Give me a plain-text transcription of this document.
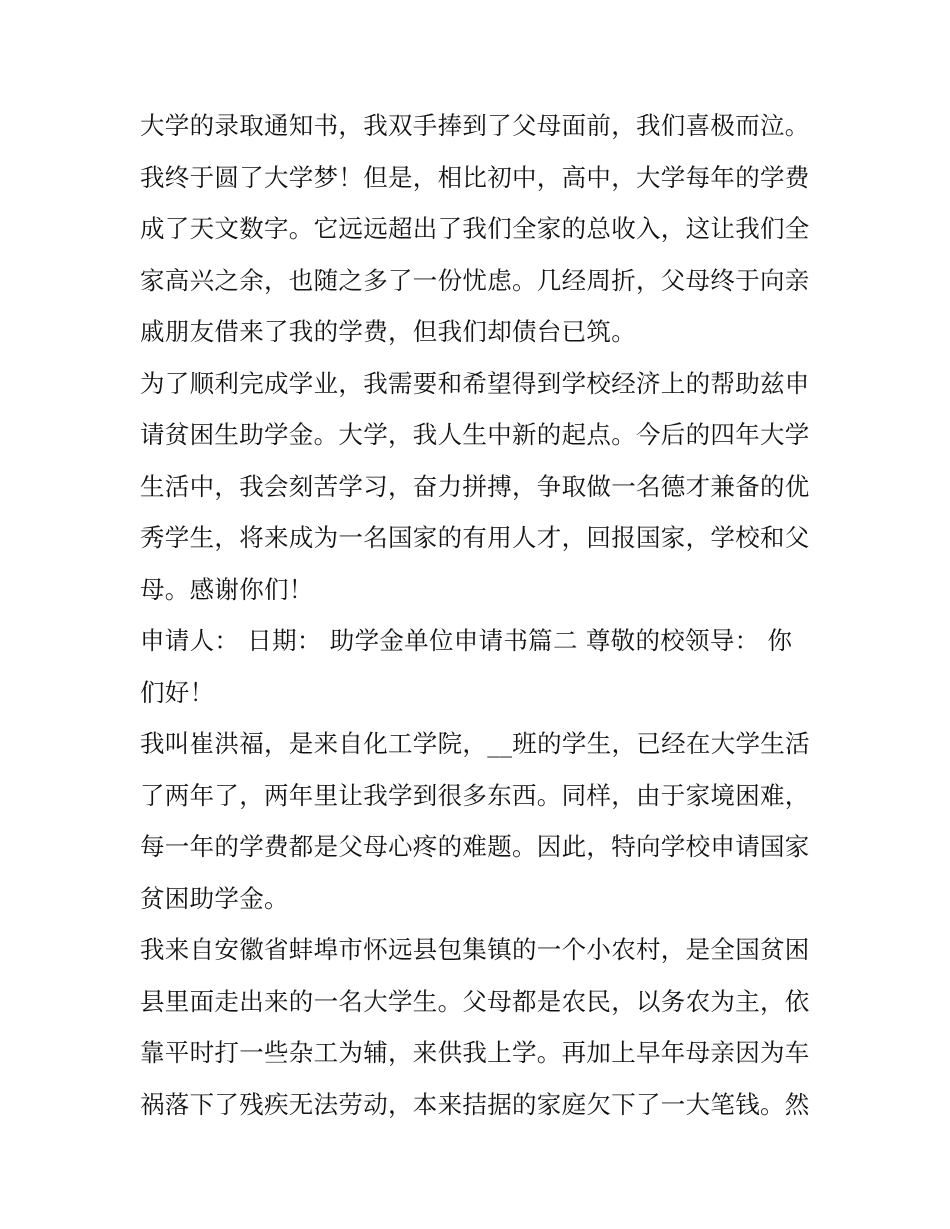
大学的录取通知书，我双手捧到了父母面前，我们喜极而泣。
我终于圆了大学梦！但是，相比初中，高中，大学每年的学费
成了天文数字。它远远超出了我们全家的总收入，这让我们全
家高兴之余，也随之多了一份忧虑。几经周折，父母终于向亲
戚朋友借来了我的学费，但我们却债台已筑。
为了顺利完成学业，我需要和希望得到学校经济上的帮助兹申
请贫困生助学金。大学，我人生中新的起点。今后的四年大学
生活中，我会刻苦学习，奋力拼搏，争取做一名德才兼备的优
秀学生，将来成为一名国家的有用人才，回报国家，学校和父
母。感谢你们！
申请人： 日期： 助学金单位申请书篇二 尊敬的校领导： 你
们好！
我叫崔洪福，是来自化工学院，__班的学生，已经在大学生活
了两年了，两年里让我学到很多东西。同样，由于家境困难，
每一年的学费都是父母心疼的难题。因此，特向学校申请国家
贫困助学金。
我来自安徽省蚌埠市怀远县包集镇的一个小农村，是全国贫困
县里面走出来的一名大学生。父母都是农民，以务农为主，依
靠平时打一些杂工为辅，来供我上学。再加上早年母亲因为车
祸落下了残疾无法劳动，本来拮据的家庭欠下了一大笔钱。然
